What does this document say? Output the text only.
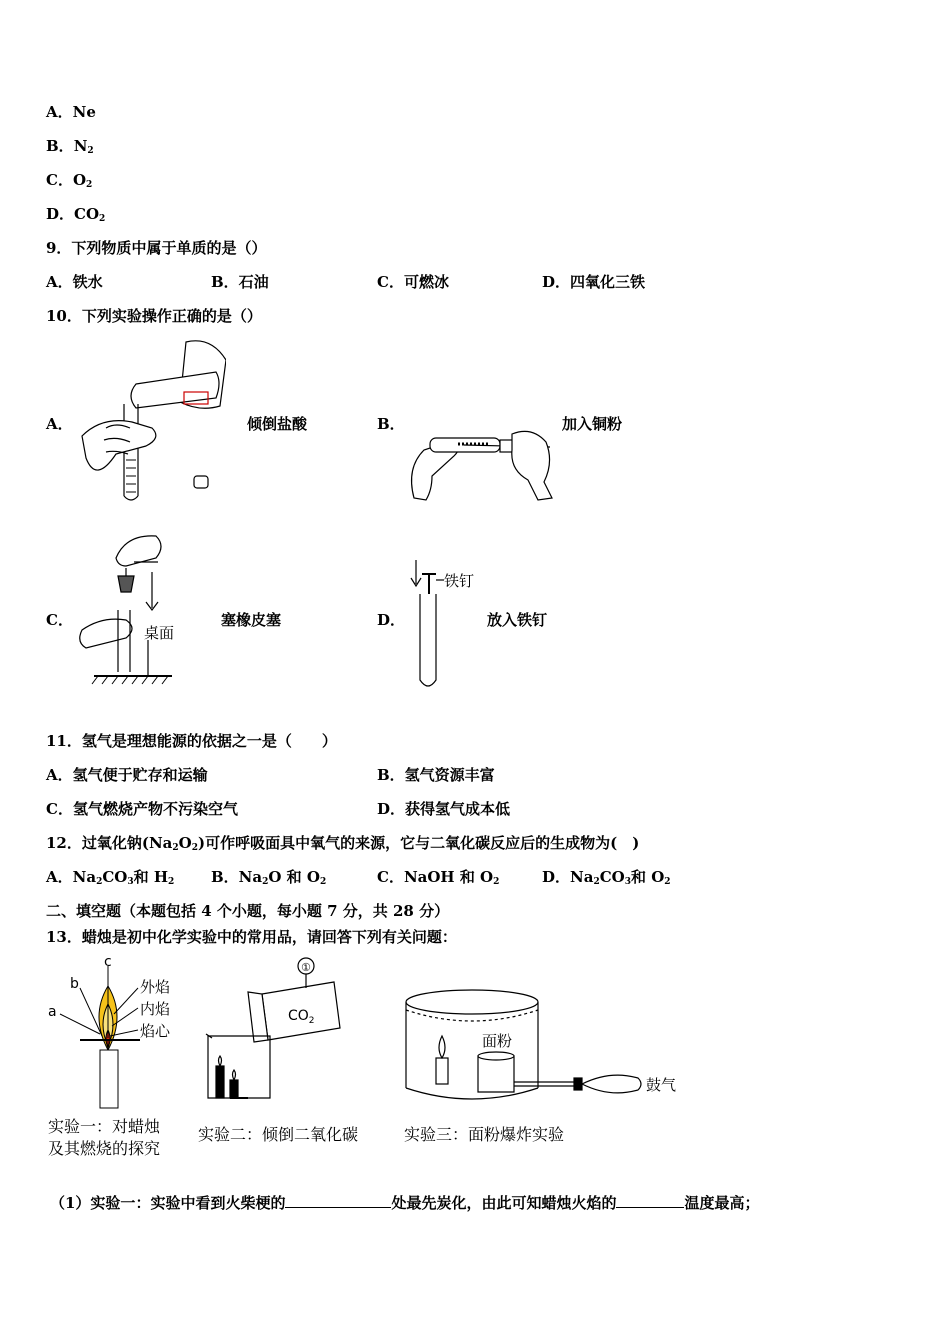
A．Ne
B．$N_2$
C．$O_2$
D．$CO_2$
9．下列物质中属于单质的是（）
A．铁水	B．石油	C．可燃冰	D．四氧化三铁
10．下列实验操作正确的是（）
A．	倾倒盐酸	B．	加入铜粉
C．
桌面
塞橡皮塞	D．
铁钉
放入铁钉
11．氢气是理想能源的依据之一是（　　）
A．氢气便于贮存和运输	B．氢气资源丰富
C．氢气燃烧产物不污染空气	D．获得氢气成本低
12．过氧化钠$(Na_2O_2)$可作呼吸面具中氧气的来源，它与二氧化碳反应后的生成物为(　)
A．$Na_2CO_3$和 $H_2$ B．$Na_2O$ 和 $O_2$	C．NaOH 和 $O_2$	D．$Na_2CO_3$和 $O_2$
二、填空题（本题包括 4 个小题，每小题 7 分，共 28 分）
13．蜡烛是初中化学实验中的常用品，请回答下列有关问题：
c
b
a
外焰
内焰
焰心
实验一：对蜡烛
及其燃烧的探究
①
$CO_2$
实验二：倾倒二氧化碳
面粉
鼓气
实验三：面粉爆炸实验
（1）实验一：实验中看到火柴梗的	处最先炭化，由此可知蜡烛火焰的	温度最高；
